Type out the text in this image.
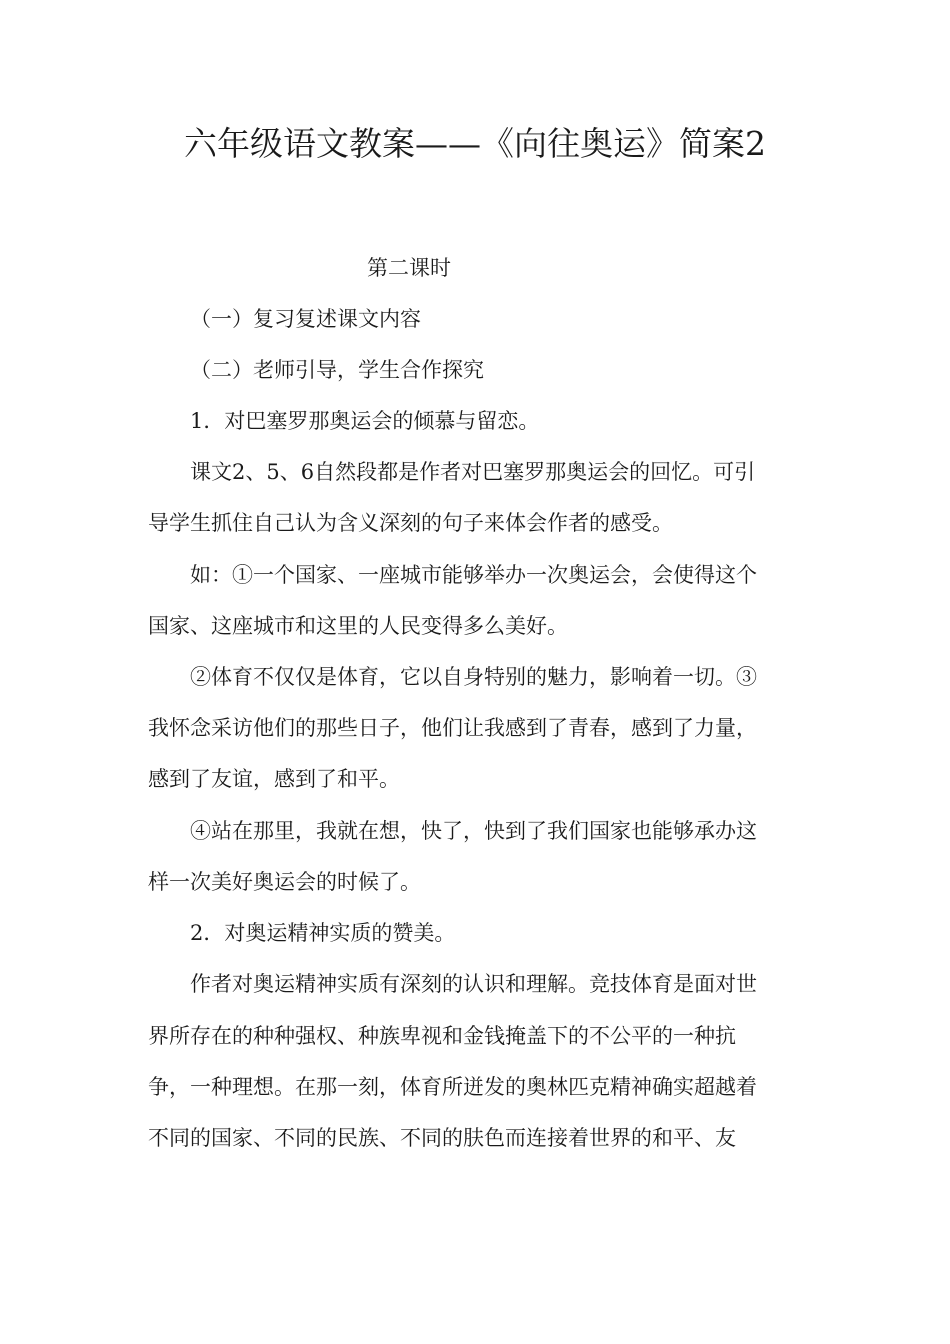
六年级语文教案——《向往奥运》简案2
第二课时
（一）复习复述课文内容
（二）老师引导，学生合作探究
1．对巴塞罗那奥运会的倾慕与留恋。
课文2、5、6自然段都是作者对巴塞罗那奥运会的回忆。可引
导学生抓住自己认为含义深刻的句子来体会作者的感受。
如：①一个国家、一座城市能够举办一次奥运会，会使得这个
国家、这座城市和这里的人民变得多么美好。
②体育不仅仅是体育，它以自身特别的魅力，影响着一切。③
我怀念采访他们的那些日子，他们让我感到了青春，感到了力量，
感到了友谊，感到了和平。
④站在那里，我就在想，快了，快到了我们国家也能够承办这
样一次美好奥运会的时候了。
2．对奥运精神实质的赞美。
作者对奥运精神实质有深刻的认识和理解。竞技体育是面对世
界所存在的种种强权、种族卑视和金钱掩盖下的不公平的一种抗
争，一种理想。在那一刻，体育所迸发的奥林匹克精神确实超越着
不同的国家、不同的民族、不同的肤色而连接着世界的和平、友
